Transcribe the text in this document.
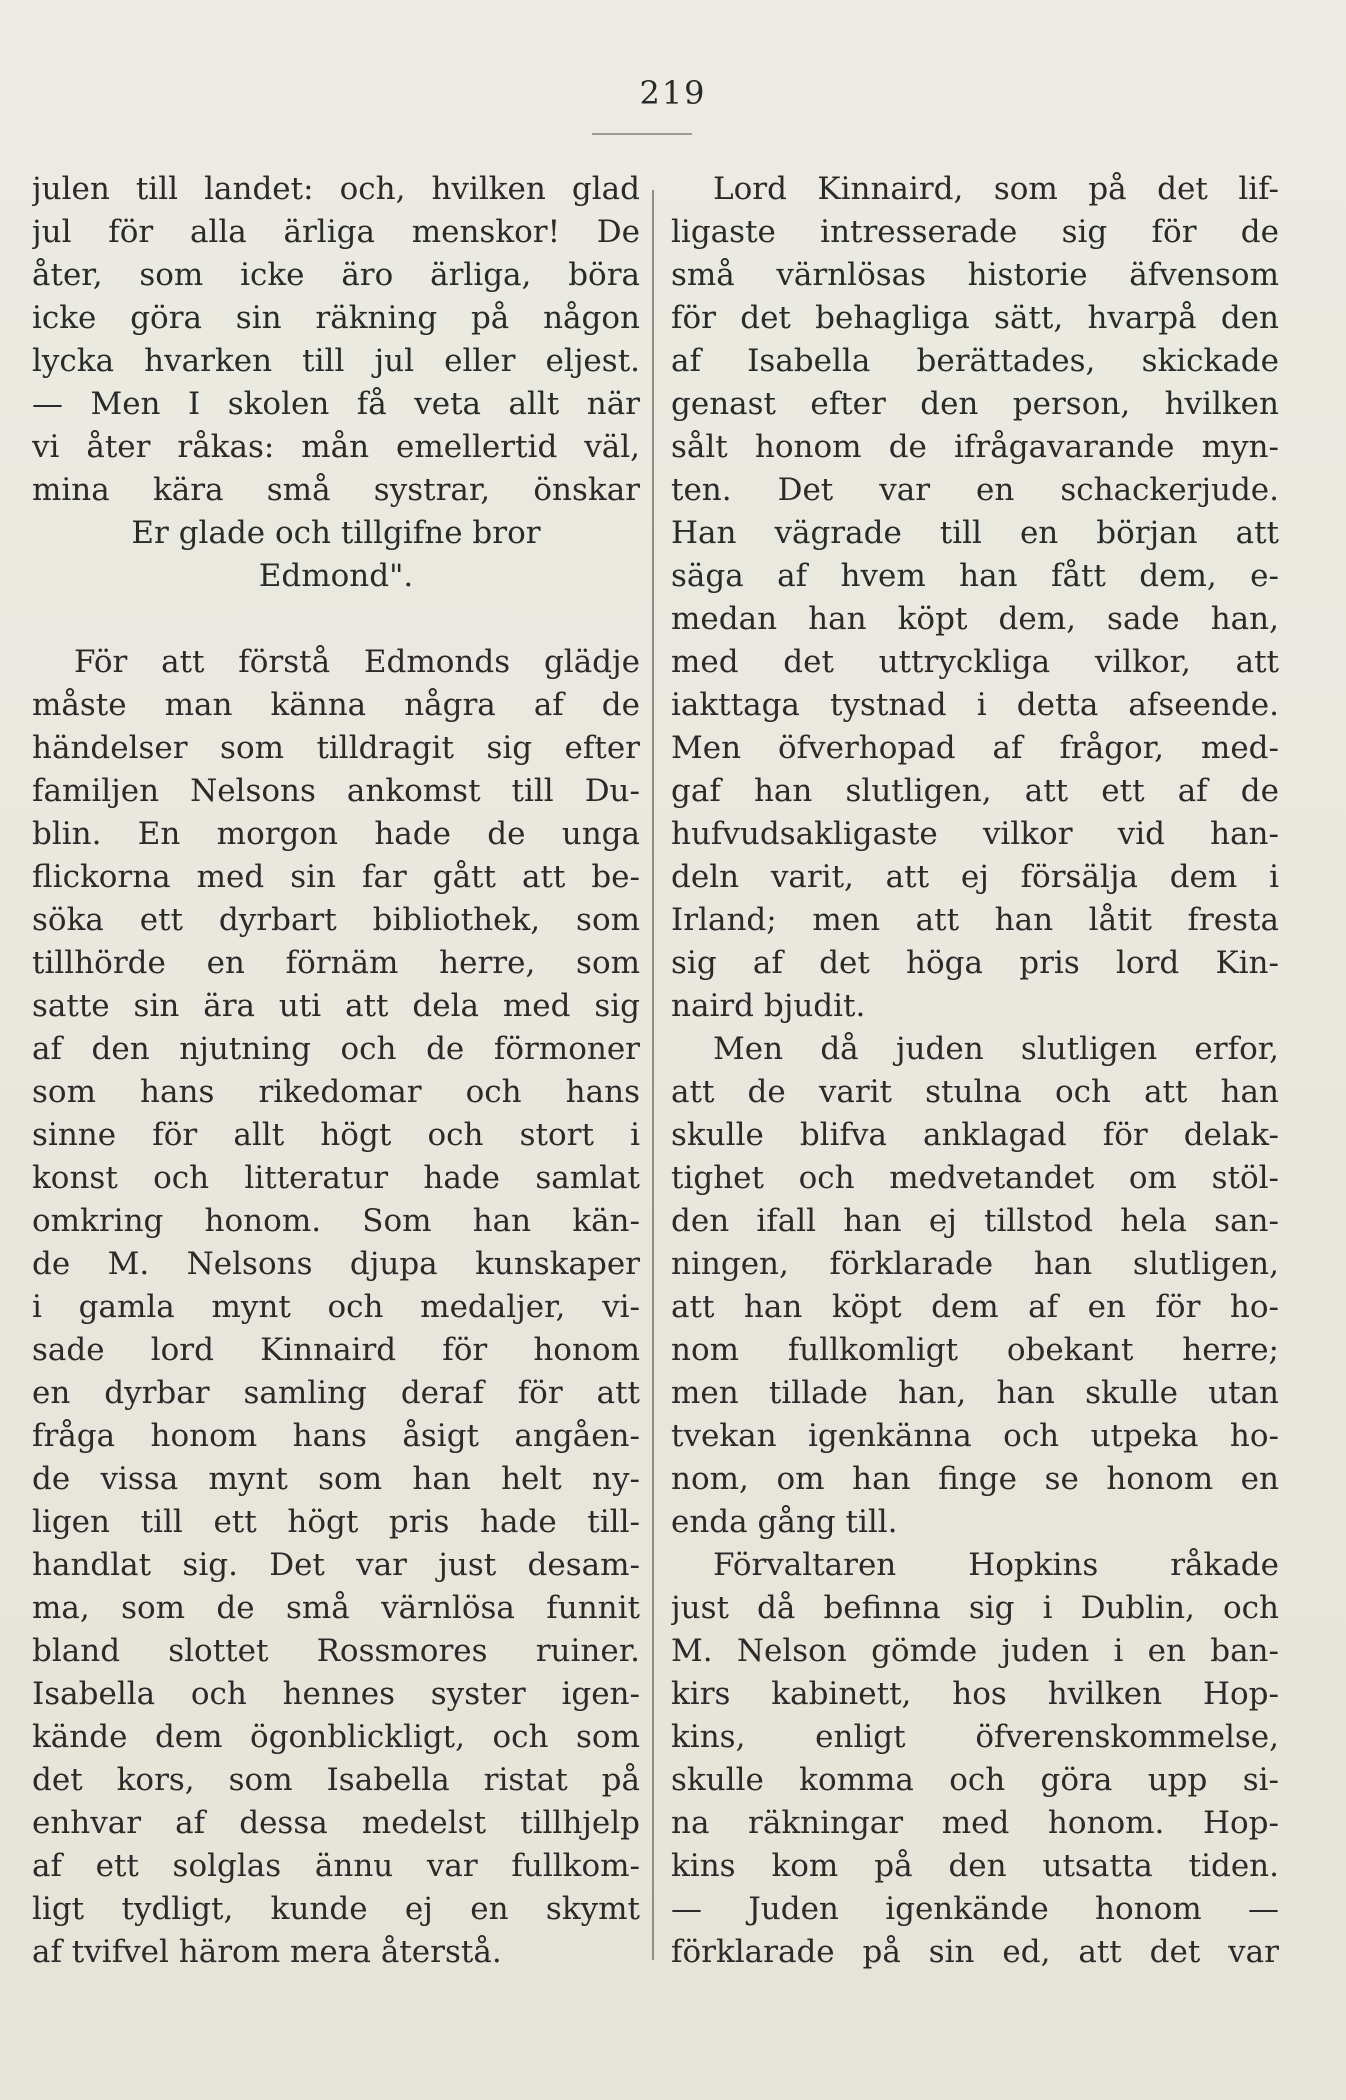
219
julen till landet: och, hvilken glad
jul för alla ärliga menskor! De
åter, som icke äro ärliga, böra
icke göra sin räkning på någon
lycka hvarken till jul eller eljest.
— Men I skolen få veta allt när
vi åter råkas: mån emellertid väl,
mina kära små systrar, önskar
Er glade och tillgifne bror
Edmond".
För att förstå Edmonds glädje
måste man känna några af de
händelser som tilldragit sig efter
familjen Nelsons ankomst till Du-
blin. En morgon hade de unga
flickorna med sin far gått att be-
söka ett dyrbart bibliothek, som
tillhörde en förnäm herre, som
satte sin ära uti att dela med sig
af den njutning och de förmoner
som hans rikedomar och hans
sinne för allt högt och stort i
konst och litteratur hade samlat
omkring honom. Som han kän-
de M. Nelsons djupa kunskaper
i gamla mynt och medaljer, vi-
sade lord Kinnaird för honom
en dyrbar samling deraf för att
fråga honom hans åsigt angåen-
de vissa mynt som han helt ny-
ligen till ett högt pris hade till-
handlat sig. Det var just desam-
ma, som de små värnlösa funnit
bland slottet Rossmores ruiner.
Isabella och hennes syster igen-
kände dem ögonblickligt, och som
det kors, som Isabella ristat på
enhvar af dessa medelst tillhjelp
af ett solglas ännu var fullkom-
ligt tydligt, kunde ej en skymt
af tvifvel härom mera återstå.
Lord Kinnaird, som på det lif-
ligaste intresserade sig för de
små värnlösas historie äfvensom
för det behagliga sätt, hvarpå den
af Isabella berättades, skickade
genast efter den person, hvilken
sålt honom de ifrågavarande myn-
ten. Det var en schackerjude.
Han vägrade till en början att
säga af hvem han fått dem, e-
medan han köpt dem, sade han,
med det uttryckliga vilkor, att
iakttaga tystnad i detta afseende.
Men öfverhopad af frågor, med-
gaf han slutligen, att ett af de
hufvudsakligaste vilkor vid han-
deln varit, att ej försälja dem i
Irland; men att han låtit fresta
sig af det höga pris lord Kin-
naird bjudit.
Men då juden slutligen erfor,
att de varit stulna och att han
skulle blifva anklagad för delak-
tighet och medvetandet om stöl-
den ifall han ej tillstod hela san-
ningen, förklarade han slutligen,
att han köpt dem af en för ho-
nom fullkomligt obekant herre;
men tillade han, han skulle utan
tvekan igenkänna och utpeka ho-
nom, om han finge se honom en
enda gång till.
Förvaltaren Hopkins råkade
just då befinna sig i Dublin, och
M. Nelson gömde juden i en ban-
kirs kabinett, hos hvilken Hop-
kins, enligt öfverenskommelse,
skulle komma och göra upp si-
na räkningar med honom. Hop-
kins kom på den utsatta tiden.
— Juden igenkände honom —
förklarade på sin ed, att det var
